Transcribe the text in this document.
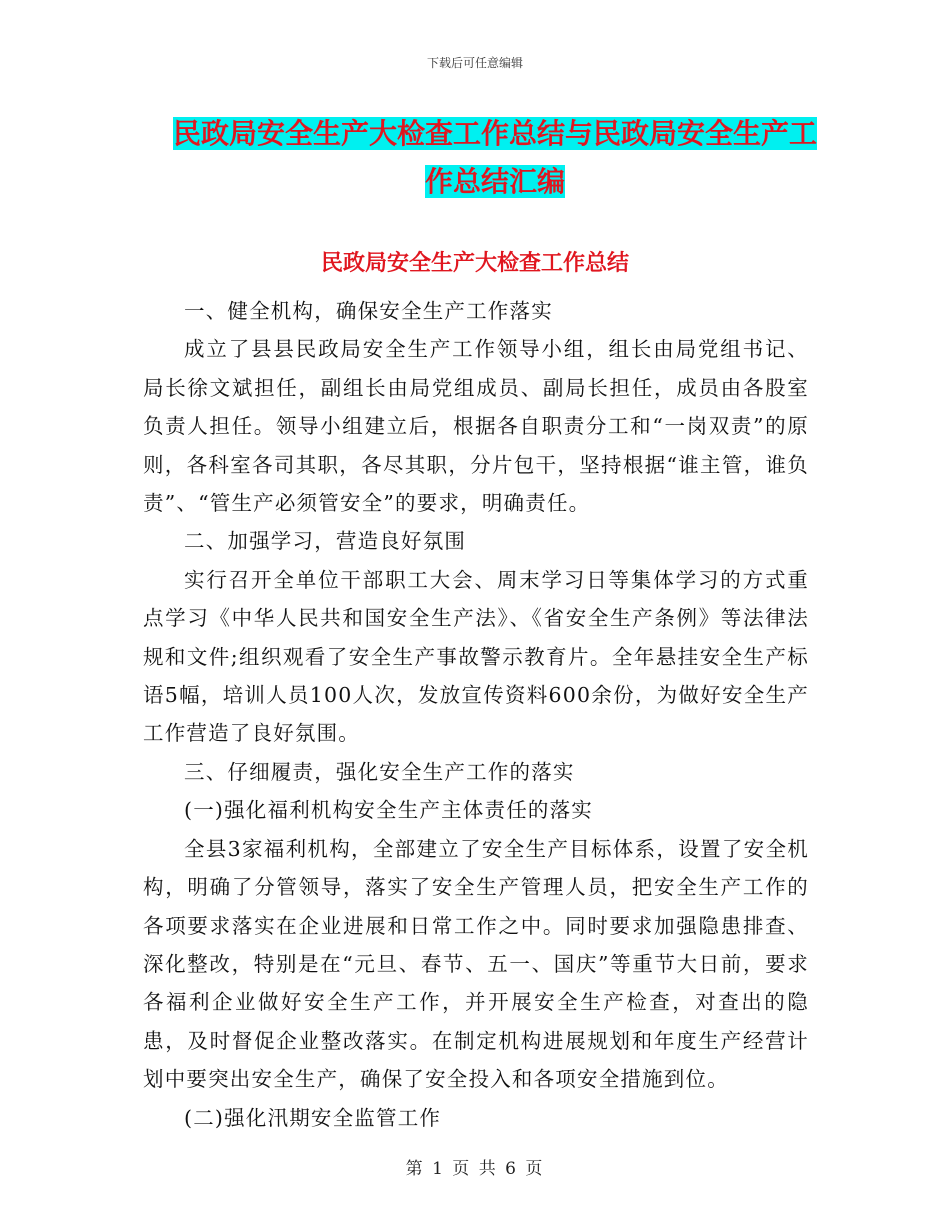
下载后可任意编辑
民政局安全生产大检查工作总结与民政局安全生产工
作总结汇编
民政局安全生产大检查工作总结

一、健全机构，确保安全生产工作落实

成立了县县民政局安全生产工作领导小组，组长由局党组书记、局长徐文斌担任，副组长由局党组成员、副局长担任，成员由各股室负责人担任。领导小组建立后，根据各自职责分工和“一岗双责”的原则，各科室各司其职，各尽其职，分片包干，坚持根据“谁主管，谁负责”、“管生产必须管安全”的要求，明确责任。

二、加强学习，营造良好氛围

实行召开全单位干部职工大会、周末学习日等集体学习的方式重点学习《中华人民共和国安全生产法》、《省安全生产条例》等法律法规和文件;组织观看了安全生产事故警示教育片。全年悬挂安全生产标语5幅，培训人员100人次，发放宣传资料600余份，为做好安全生产工作营造了良好氛围。

三、仔细履责，强化安全生产工作的落实

(一)强化福利机构安全生产主体责任的落实

全县3家福利机构，全部建立了安全生产目标体系，设置了安全机构，明确了分管领导，落实了安全生产管理人员，把安全生产工作的各项要求落实在企业进展和日常工作之中。同时要求加强隐患排查、深化整改，特别是在“元旦、春节、五一、国庆”等重节大日前，要求各福利企业做好安全生产工作，并开展安全生产检查，对查出的隐患，及时督促企业整改落实。在制定机构进展规划和年度生产经营计划中要突出安全生产，确保了安全投入和各项安全措施到位。

(二)强化汛期安全监管工作

第 1 页 共 6 页
